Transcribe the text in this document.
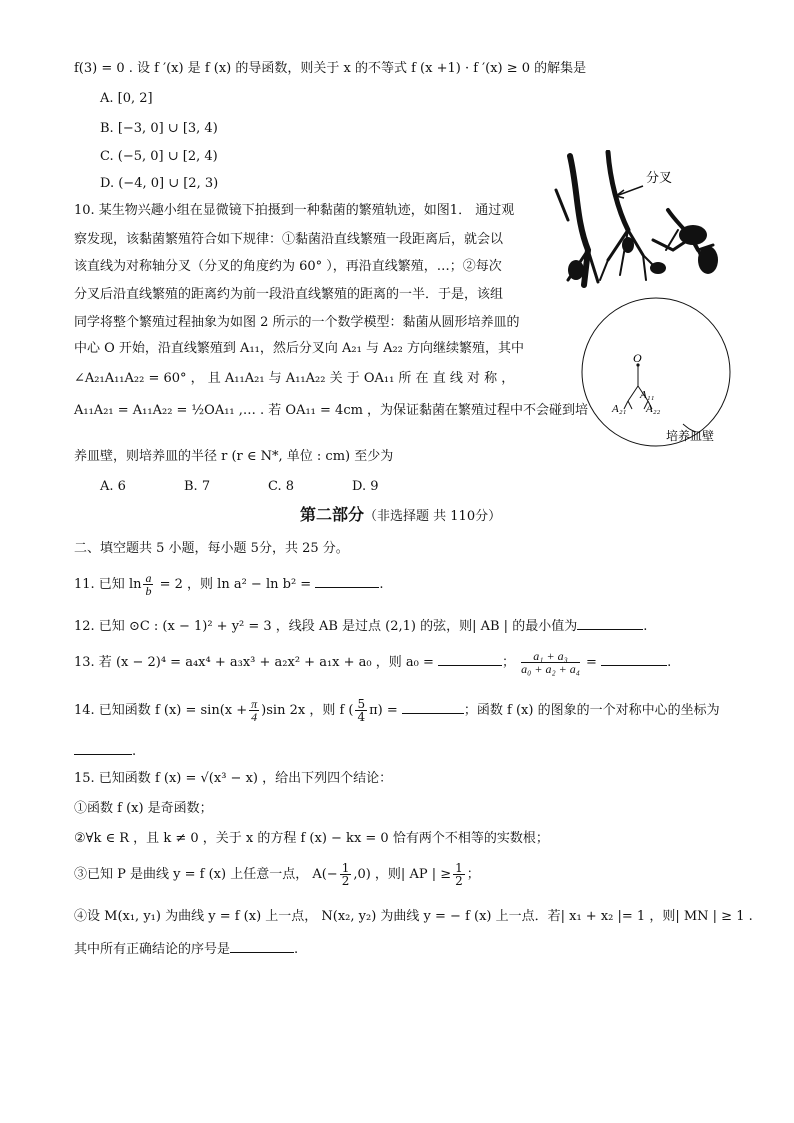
f(3) = 0 . 设 f ′(x) 是 f (x) 的导函数，则关于 x 的不等式 f (x +1) · f ′(x) ≥ 0 的解集是
A. [0, 2]
B. [−3, 0] ∪ [3, 4)
C. (−5, 0] ∪ [2, 4)
D. (−4, 0] ∪ [2, 3)	分叉
10. 某生物兴趣小组在显微镜下拍摄到一种黏菌的繁殖轨迹，如图1． 通过观
察发现，该黏菌繁殖符合如下规律：①黏菌沿直线繁殖一段距离后，就会以
该直线为对称轴分叉（分叉的角度约为 60° ），再沿直线繁殖，…；②每次
分叉后沿直线繁殖的距离约为前一段沿直线繁殖的距离的一半．于是，该组
同学将整个繁殖过程抽象为如图 2 所示的一个数学模型：黏菌从圆形培养皿的
中心 O 开始，沿直线繁殖到 A₁₁，然后分叉向 A₂₁ 与 A₂₂ 方向继续繁殖，其中
∠A₂₁A₁₁A₂₂ = 60° ， 且 A₁₁A₂₁ 与 A₁₁A₂₂ 关 于 OA₁₁ 所 在 直 线 对 称 ，
A₁₁A₂₁ = A₁₁A₂₂ = ½OA₁₁ ,… . 若 OA₁₁ = 4cm ，为保证黏菌在繁殖过程中不会碰到培
养皿壁，则培养皿的半径 r (r ∈ N*, 单位 : cm) 至少为
O
A₁₁
A₂₁ A₂₂
培养皿壁
A. 6	B. 7	C. 8	D. 9
第二部分（非选择题 共 110分）
二、填空题共 5 小题，每小题 5分，共 25 分。
11. 已知 $\ln \frac{a}{b} = 2$ ，则 ln a² − ln b² =	.
12. 已知 ⊙C : (x − 1)² + y² = 3 ，线段 AB 是过点 (2,1) 的弦，则| AB | 的最小值为	.
13. 若 (x − 2)⁴ = a₄x⁴ + a₃x³ + a₂x² + a₁x + a₀ ，则 a₀ =	； $\frac{\text{a₁ + a₃}}{\text{a₀ + a₂ + a₄}}$ =	.
14. 已知函数 f $(x) = \sin(x + \frac{\pi}{4} )\sin$ 2x ，则 f ( $\frac{5}{4} \pi$) =	；函数 f (x) 的图象的一个对称中心的坐标为
.
15. 已知函数 f (x) = √(x³ − x) ，给出下列四个结论：
①函数 f (x) 是奇函数；
②∀k ∈ R ，且 k ≠ 0 ，关于 x 的方程 f (x) − kx = 0 恰有两个不相等的实数根；
③已知 P 是曲线 y = f (x) 上任意一点， $A(- \frac{1}{2} ,0)$ ，则| AP | ≥ $\frac{1}{2}$ ；
④设 M(x₁, y₁) 为曲线 y = f (x) 上一点， N(x₂, y₂) 为曲线 y = − f (x) 上一点．若| x₁ + x₂ |= 1 ，则| MN | ≥ 1 .
其中所有正确结论的序号是	.
